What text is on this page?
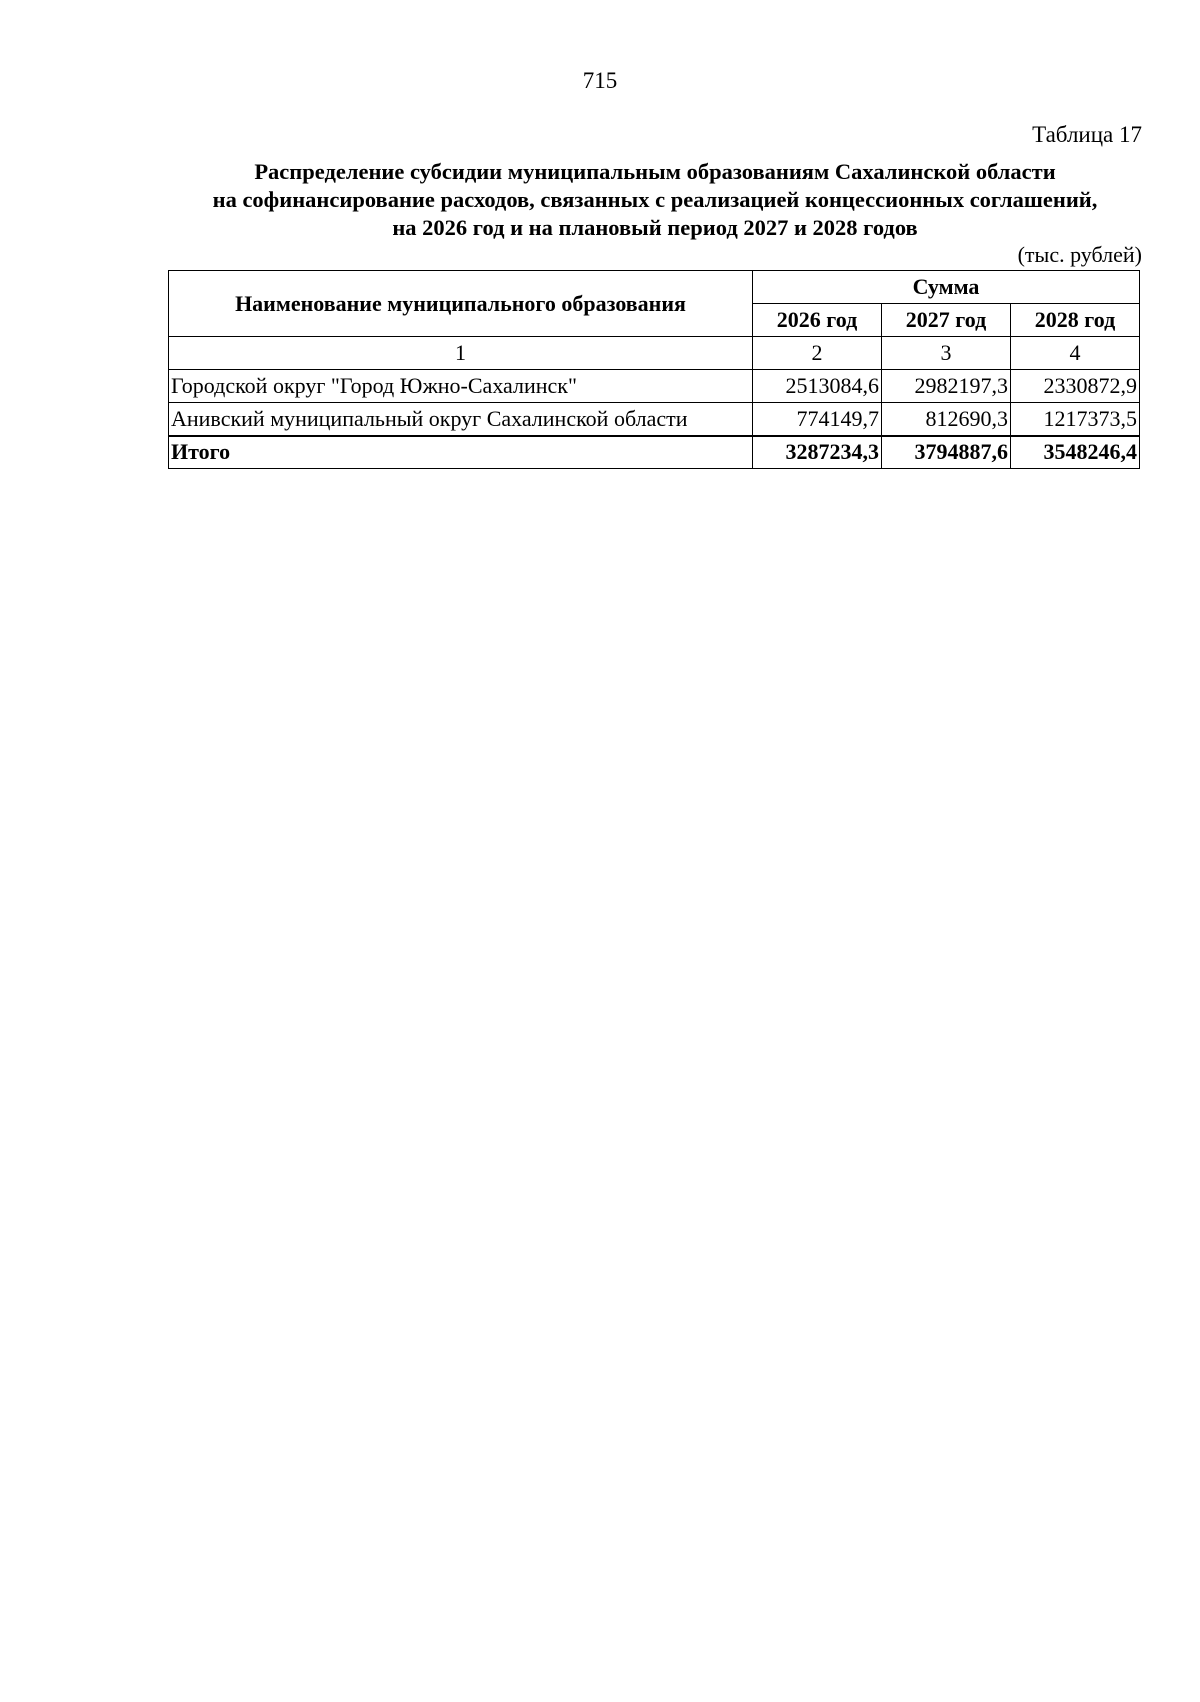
715
Таблица 17
Распределение субсидии муниципальным образованиям Сахалинской области
на софинансирование расходов, связанных с реализацией концессионных соглашений,
на 2026 год и на плановый период 2027 и 2028 годов
(тыс. рублей)
Наименование муниципального образования	Сумма		
	2026 год	2027 год	2028 год
1	2	3	4
Городской округ "Город Южно-Сахалинск"	2513084,6	2982197,3	2330872,9
Анивский муниципальный округ Сахалинской области	774149,7	812690,3	1217373,5
Итого	3287234,3	3794887,6	3548246,4
